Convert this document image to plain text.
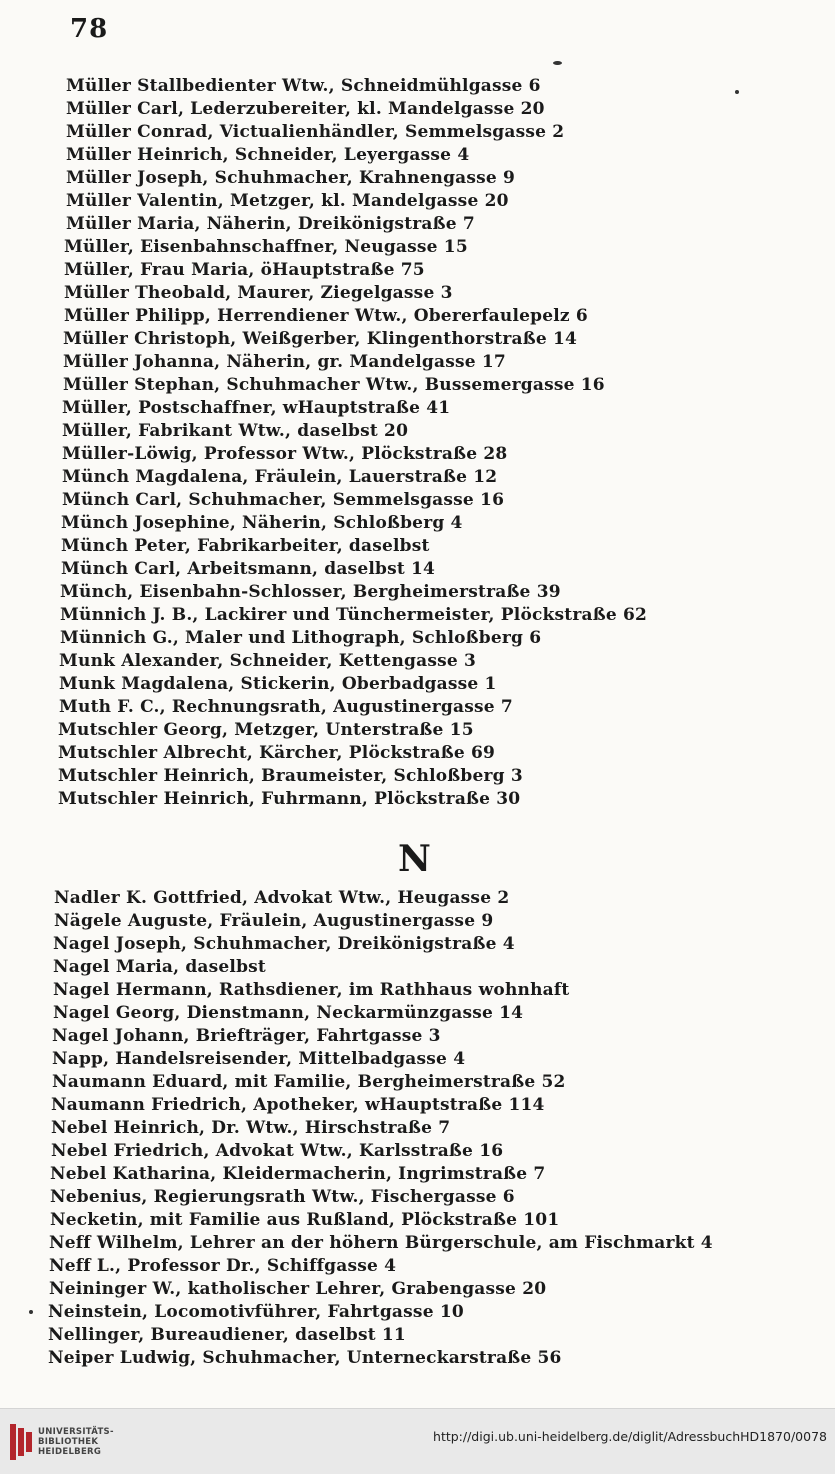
78
Müller Stallbedienter Wtw., Schneidmühlgasse 6
Müller Carl, Lederzubereiter, kl. Mandelgasse 20
Müller Conrad, Victualienhändler, Semmelsgasse 2
Müller Heinrich, Schneider, Leyergasse 4
Müller Joseph, Schuhmacher, Krahnengasse 9
Müller Valentin, Metzger, kl. Mandelgasse 20
Müller Maria, Näherin, Dreikönigstraße 7
Müller, Eisenbahnschaffner, Neugasse 15
Müller, Frau Maria, öHauptstraße 75
Müller Theobald, Maurer, Ziegelgasse 3
Müller Philipp, Herrendiener Wtw., Obererfaulepelz 6
Müller Christoph, Weißgerber, Klingenthorstraße 14
Müller Johanna, Näherin, gr. Mandelgasse 17
Müller Stephan, Schuhmacher Wtw., Bussemergasse 16
Müller, Postschaffner, wHauptstraße 41
Müller, Fabrikant Wtw., daselbst 20
Müller-Löwig, Professor Wtw., Plöckstraße 28
Münch Magdalena, Fräulein, Lauerstraße 12
Münch Carl, Schuhmacher, Semmelsgasse 16
Münch Josephine, Näherin, Schloßberg 4
Münch Peter, Fabrikarbeiter, daselbst
Münch Carl, Arbeitsmann, daselbst 14
Münch, Eisenbahn-Schlosser, Bergheimerstraße 39
Münnich J. B., Lackirer und Tünchermeister, Plöckstraße 62
Münnich G., Maler und Lithograph, Schloßberg 6
Munk Alexander, Schneider, Kettengasse 3
Munk Magdalena, Stickerin, Oberbadgasse 1
Muth F. C., Rechnungsrath, Augustinergasse 7
Mutschler Georg, Metzger, Unterstraße 15
Mutschler Albrecht, Kärcher, Plöckstraße 69
Mutschler Heinrich, Braumeister, Schloßberg 3
Mutschler Heinrich, Fuhrmann, Plöckstraße 30
N
Nadler K. Gottfried, Advokat Wtw., Heugasse 2
Nägele Auguste, Fräulein, Augustinergasse 9
Nagel Joseph, Schuhmacher, Dreikönigstraße 4
Nagel Maria, daselbst
Nagel Hermann, Rathsdiener, im Rathhaus wohnhaft
Nagel Georg, Dienstmann, Neckarmünzgasse 14
Nagel Johann, Briefträger, Fahrtgasse 3
Napp, Handelsreisender, Mittelbadgasse 4
Naumann Eduard, mit Familie, Bergheimerstraße 52
Naumann Friedrich, Apotheker, wHauptstraße 114
Nebel Heinrich, Dr. Wtw., Hirschstraße 7
Nebel Friedrich, Advokat Wtw., Karlsstraße 16
Nebel Katharina, Kleidermacherin, Ingrimstraße 7
Nebenius, Regierungsrath Wtw., Fischergasse 6
Necketin, mit Familie aus Rußland, Plöckstraße 101
Neff Wilhelm, Lehrer an der höhern Bürgerschule, am Fischmarkt 4
Neff L., Professor Dr., Schiffgasse 4
Neininger W., katholischer Lehrer, Grabengasse 20
Neinstein, Locomotivführer, Fahrtgasse 10
Nellinger, Bureaudiener, daselbst 11
Neiper Ludwig, Schuhmacher, Unterneckarstraße 56
UNIVERSITÄTS-
BIBLIOTHEK
HEIDELBERG
http://digi.ub.uni-heidelberg.de/diglit/AdressbuchHD1870/0078
